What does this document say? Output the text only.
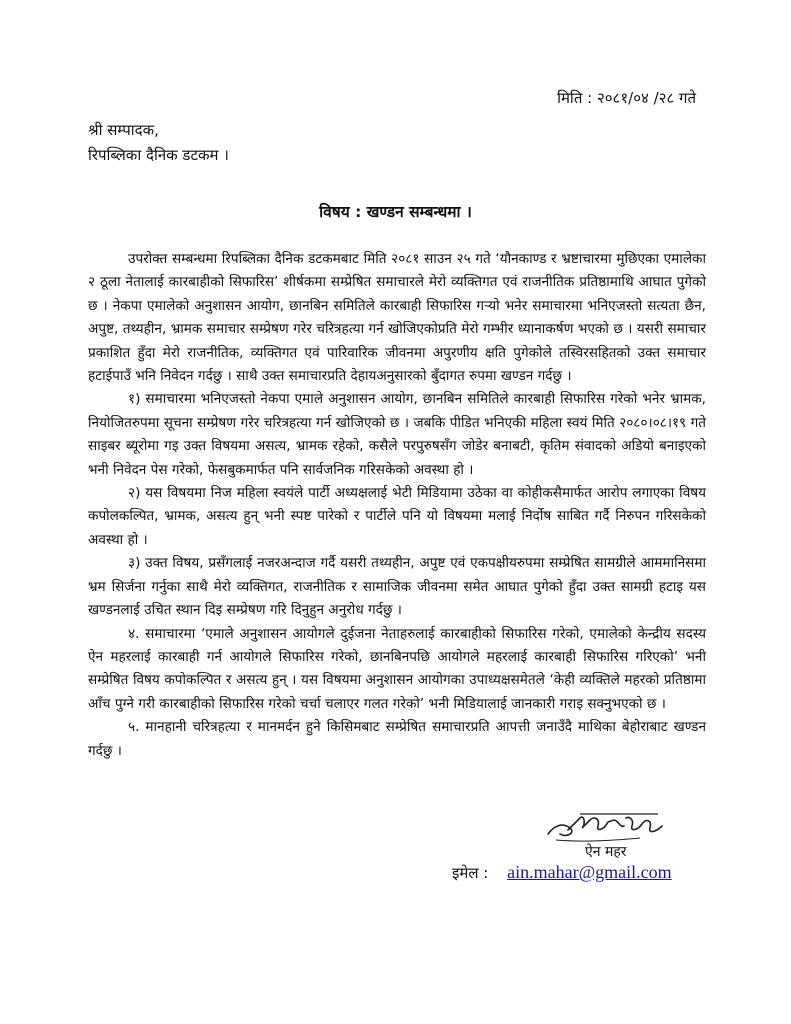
मिति : २०८१/०४ /२८ गते
श्री सम्पादक,
रिपब्लिका दैनिक डटकम ।
विषय : खण्डन सम्बन्धमा ।

उपरोक्त सम्बन्धमा रिपब्लिका दैनिक डटकमबाट मिति २०८१ साउन २५ गते ‘यौनकाण्ड र भ्रष्टाचारमा मुछिएका एमालेका २ ठूला नेतालाई कारबाहीको सिफारिस’ शीर्षकमा सम्प्रेषित समाचारले मेरो व्यक्तिगत एवं राजनीतिक प्रतिष्ठामाथि आघात पुगेको छ । नेकपा एमालेको अनुशासन आयोग, छानबिन समितिले कारबाही सिफारिस गर्‍यो भनेर समाचारमा भनिएजस्तो सत्यता छैन, अपुष्ट, तथ्यहीन, भ्रामक समाचार सम्प्रेषण गरेर चरित्रहत्या गर्न खोजिएकोप्रति मेरो गम्भीर ध्यानाकर्षण भएको छ । यसरी समाचार प्रकाशित हुँदा मेरो राजनीतिक, व्यक्तिगत एवं पारिवारिक जीवनमा अपुरणीय क्षति पुगेकोले तस्विरसहितको उक्त समाचार हटाईपाउँ भनि निवेदन गर्दछु । साथै उक्त समाचारप्रति देहायअनुसारको बुँदागत रुपमा खण्डन गर्दछु ।

१) समाचारमा भनिएजस्तो नेकपा एमाले अनुशासन आयोग, छानबिन समितिले कारबाही सिफारिस गरेको भनेर भ्रामक, नियोजितरुपमा सूचना सम्प्रेषण गरेर चरित्रहत्या गर्न खोजिएको छ । जबकि पीडित भनिएकी महिला स्वयं मिति २०८०।०८।१९ गते साइबर ब्यूरोमा गइ उक्त विषयमा असत्य, भ्रामक रहेको, कसैले परपुरुषसँग जोडेर बनाबटी, कृतिम संवादको अडियो बनाइएको भनी निवेदन पेस गरेको, फेसबुकमार्फत पनि सार्वजनिक गरिसकेको अवस्था हो ।

२) यस विषयमा निज महिला स्वयंले पार्टी अध्यक्षलाई भेटी मिडियामा उठेका वा कोहीकसैमार्फत आरोप लगाएका विषय कपोलकल्पित, भ्रामक, असत्य हुन् भनी स्पष्ट पारेको र पार्टीले पनि यो विषयमा मलाई निर्दोष साबित गर्दै निरुपन गरिसकेको अवस्था हो ।

३) उक्त विषय, प्रसँगलाई नजरअन्दाज गर्दै यसरी तथ्यहीन, अपुष्ट एवं एकपक्षीयरुपमा सम्प्रेषित सामग्रीले आममानिसमा भ्रम सिर्जना गर्नुका साथै मेरो व्यक्तिगत, राजनीतिक र सामाजिक जीवनमा समेत आघात पुगेको हुँदा उक्त सामग्री हटाइ यस खण्डनलाई उचित स्थान दिइ सम्प्रेषण गरि दिनुहुन अनुरोध गर्दछु ।

४. समाचारमा ‘एमाले अनुशासन आयोगले दुईजना नेताहरुलाई कारबाहीको सिफारिस गरेको, एमालेको केन्द्रीय सदस्य ऐन महरलाई कारबाही गर्न आयोगले सिफारिस गरेको, छानबिनपछि आयोगले महरलाई कारबाही सिफारिस गरिएको’ भनी सम्प्रेषित विषय कपोकल्पित र असत्य हुन् । यस विषयमा अनुशासन आयोगका उपाध्यक्षसमेतले ‘केही व्यक्तिले महरको प्रतिष्ठामा आँच पुग्ने गरी कारबाहीको सिफारिस गरेको चर्चा चलाएर गलत गरेको’ भनी मिडियालाई जानकारी गराइ सक्नुभएको छ ।

५. मानहानी चरित्रहत्या र मानमर्दन हुने किसिमबाट सम्प्रेषित समाचारप्रति आपत्ती जनाउँदै माथिका बेहोराबाट खण्डन गर्दछु ।

ऐन महर
इमेल : ain.mahar@gmail.com
